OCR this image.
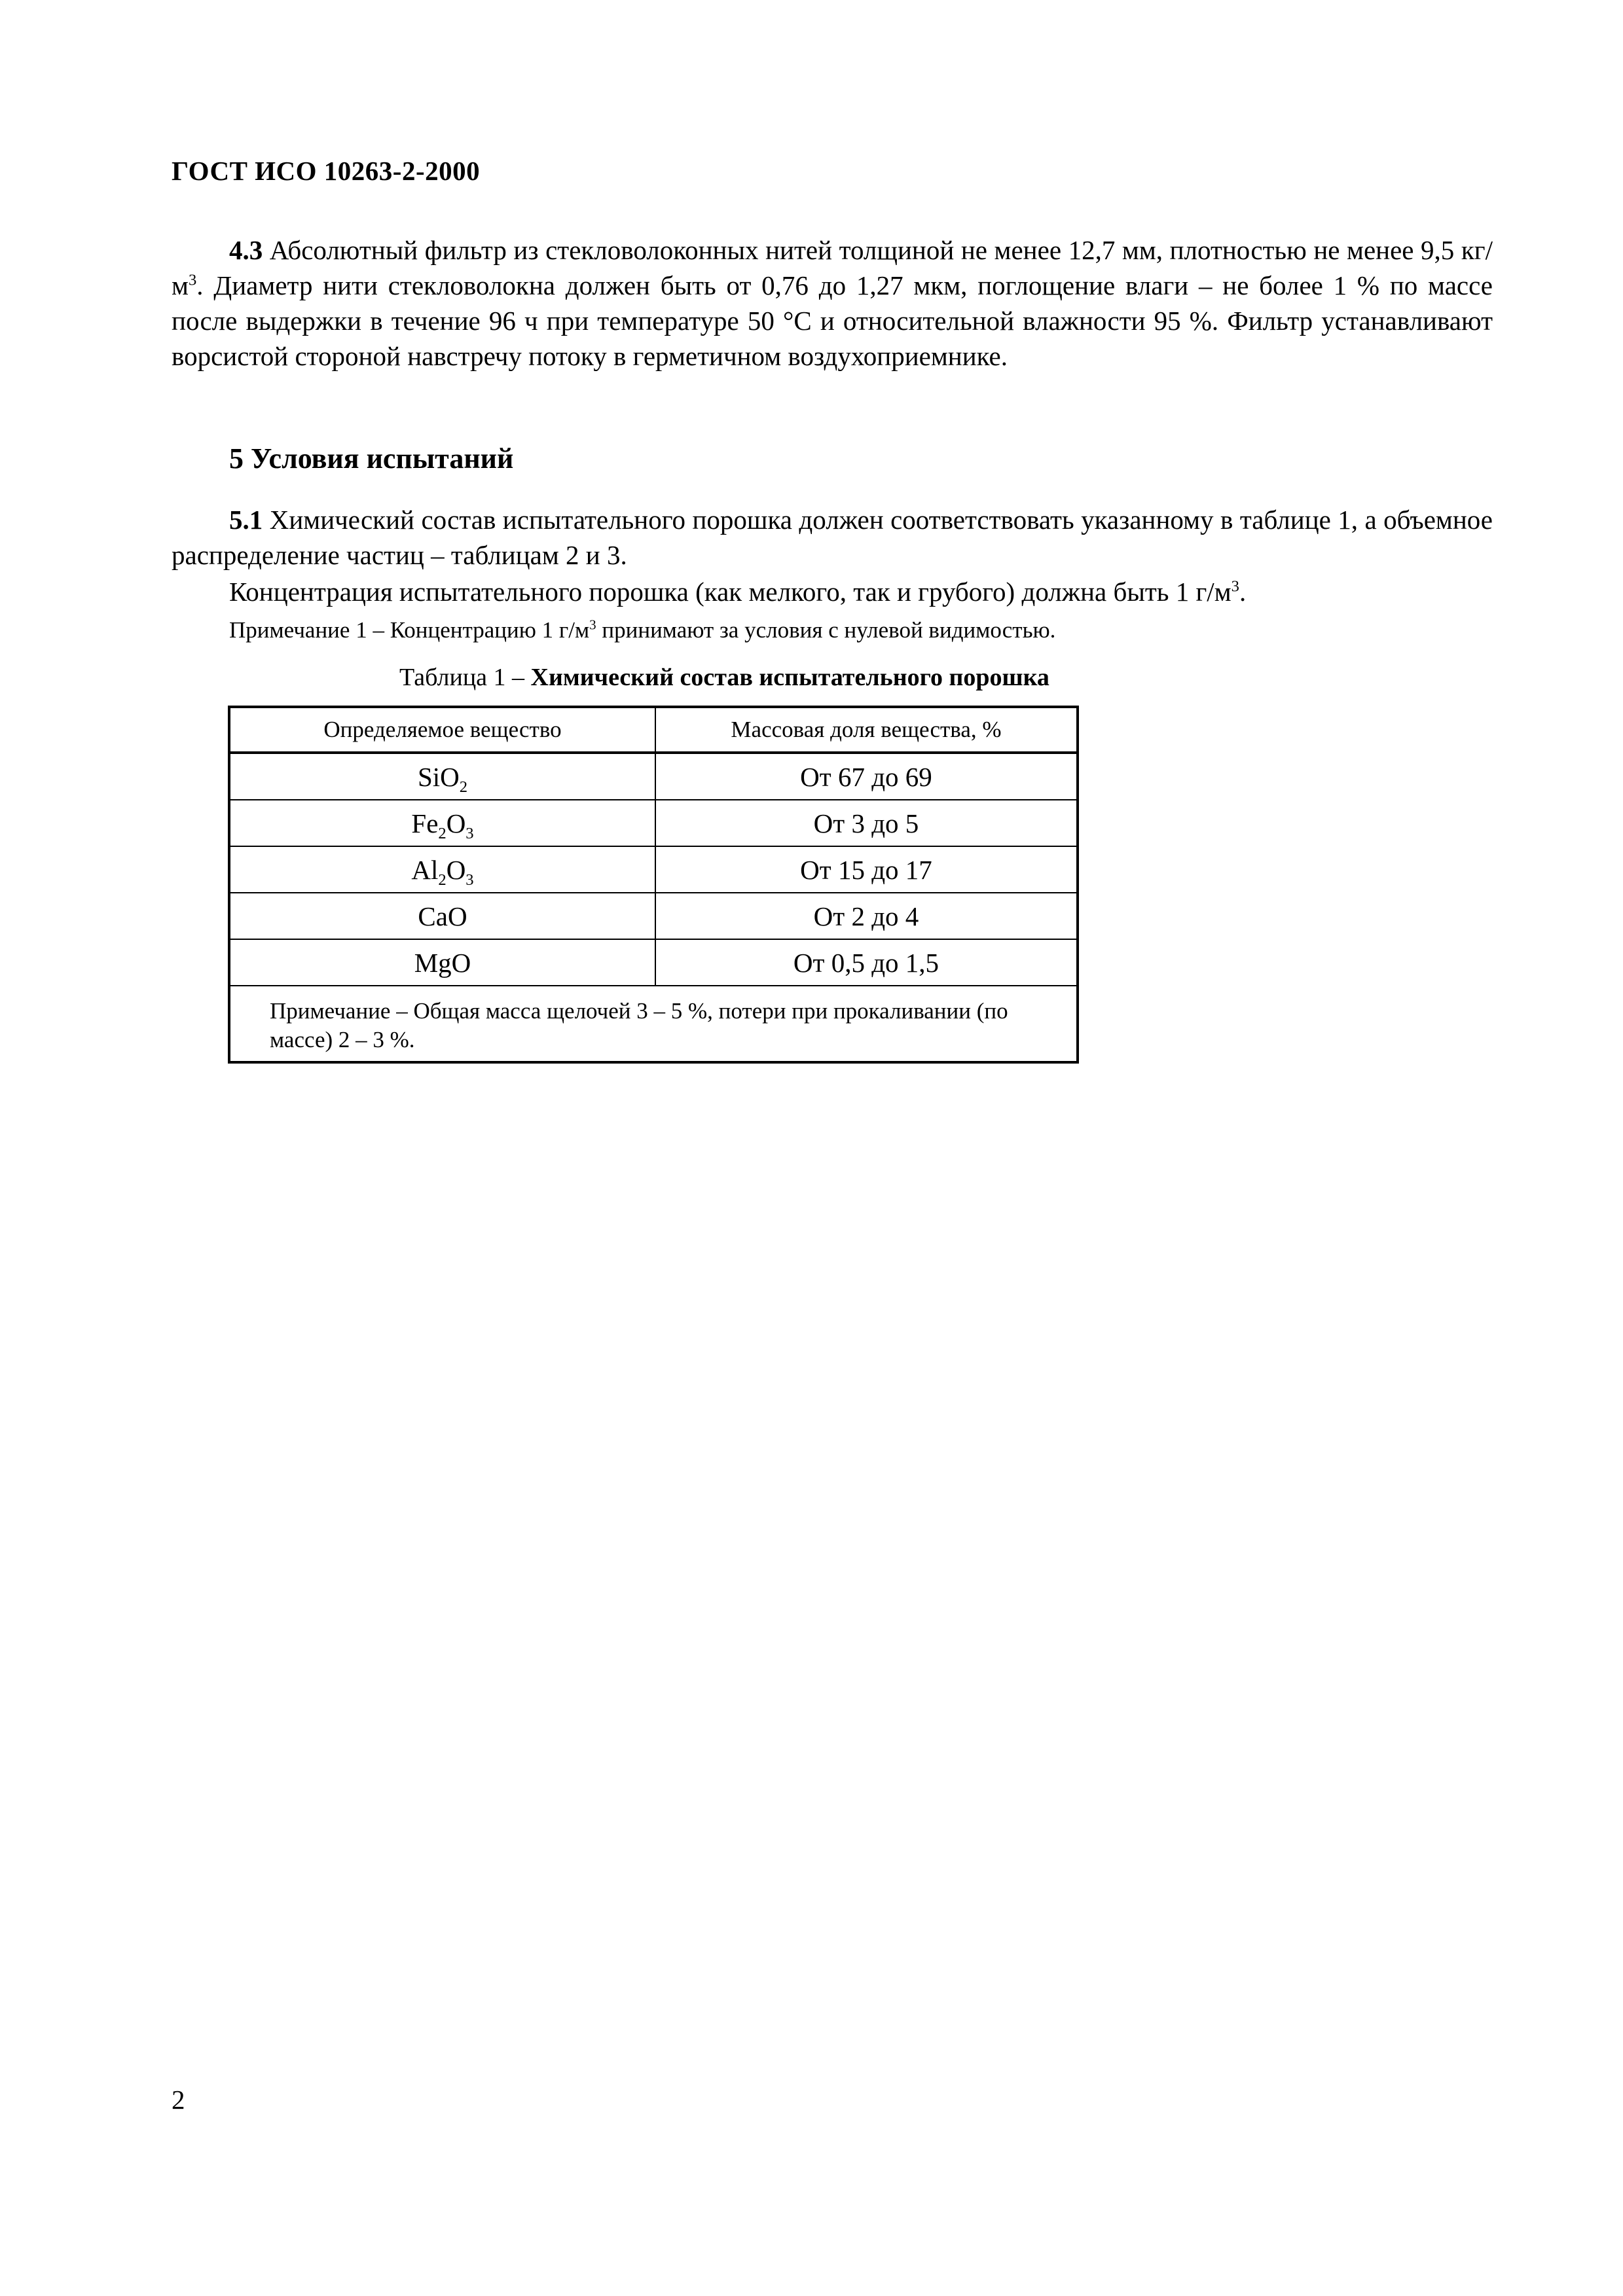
ГОСТ ИСО 10263-2-2000
4.3 Абсолютный фильтр из стекловолоконных нитей толщиной не менее 12,7 мм, плотностью не менее 9,5 $кг/м^3$. Диаметр нити стекловолокна должен быть от 0,76 до 1,27 мкм, поглощение влаги – не более 1 % по массе после выдержки в течение 96 ч при температуре 50 °С и относительной влажности 95 %. Фильтр устанавливают ворсистой стороной навстречу потоку в герметичном воздухоприемнике.
5 Условия испытаний
5.1 Химический состав испытательного порошка должен соответствовать указанному в таблице 1, а объемное распределение частиц – таблицам 2 и 3.
Концентрация испытательного порошка (как мелкого, так и грубого) должна быть 1 $г/м^3$.
Примечание 1 – Концентрацию 1 $г/м^3$ принимают за условия с нулевой видимостью.
Таблица 1 – Химический состав испытательного порошка
Определяемое вещество	Массовая доля вещества, %
SiO$_2$	От 67 до 69
$Fe_2O_3$	От 3 до 5
$Al_2O_3$	От 15 до 17
CaO	От 2 до 4
MgO	От 0,5 до 1,5
Примечание – Общая масса щелочей 3 – 5 %, потери при прокаливании (по массе) 2 – 3 %.	
2
